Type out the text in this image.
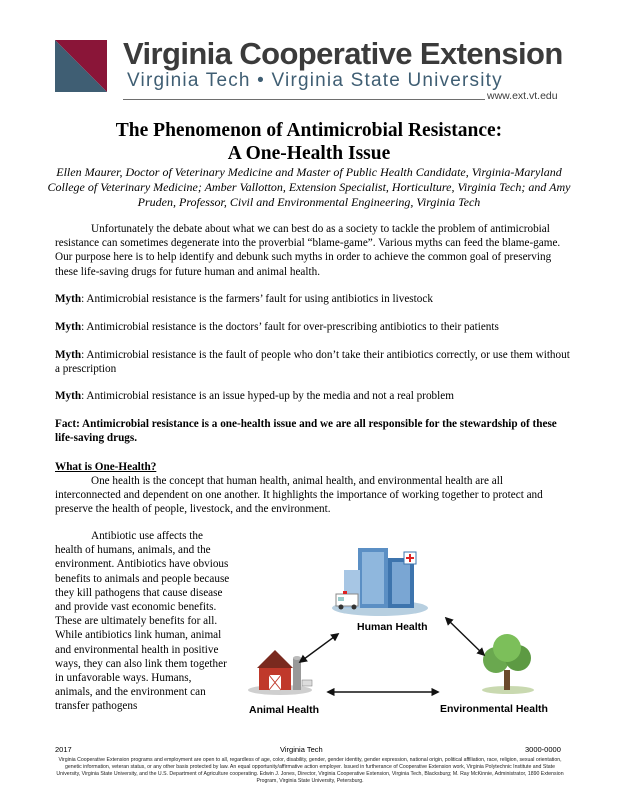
Virginia Cooperative Extension
Virginia Tech • Virginia State University
www.ext.vt.edu
The Phenomenon of Antimicrobial Resistance:
A One-Health Issue
Ellen Maurer, Doctor of Veterinary Medicine and Master of Public Health Candidate, Virginia-Maryland College of Veterinary Medicine; Amber Vallotton, Extension Specialist, Horticulture, Virginia Tech; and Amy Pruden, Professor, Civil and Environmental Engineering, Virginia Tech
Unfortunately the debate about what we can best do as a society to tackle the problem of antimicrobial resistance can sometimes degenerate into the proverbial “blame-game”. Various myths can feed the blame-game. Our purpose here is to help identify and debunk such myths in order to achieve the common goal of preserving these life-saving drugs for future human and animal health.
Myth: Antimicrobial resistance is the farmers’ fault for using antibiotics in livestock
Myth: Antimicrobial resistance is the doctors’ fault for over-prescribing antibiotics to their patients
Myth: Antimicrobial resistance is the fault of people who don’t take their antibiotics correctly, or use them without a prescription
Myth: Antimicrobial resistance is an issue hyped-up by the media and not a real problem
Fact: Antimicrobial resistance is a one-health issue and we are all responsible for the stewardship of these life-saving drugs.
What is One-Health?
One health is the concept that human health, animal health, and environmental health are all interconnected and dependent on one another. It highlights the importance of working together to protect and preserve the health of people, livestock, and the environment.

Antibiotic use affects the health of humans, animals, and the environment. Antibiotics have obvious benefits to animals and people because they kill pathogens that cause disease and provide vast economic benefits. These are ultimately benefits for all.

While antibiotics link human, animal and environmental health in positive ways, they can also link them together in unfavorable ways. Humans, animals, and the environment can transfer pathogens

Human Health
Animal Health	Environmental Health
2017	Virginia Tech	3000-0000
Virginia Cooperative Extension programs and employment are open to all, regardless of age, color, disability, gender, gender identity, gender expression, national origin, political affiliation, race, religion, sexual orientation, genetic information, veteran status, or any other basis protected by law. An equal opportunity/affirmative action employer. Issued in furtherance of Cooperative Extension work, Virginia Polytechnic Institute and State University, Virginia State University, and the U.S. Department of Agriculture cooperating. Edwin J. Jones, Director, Virginia Cooperative Extension, Virginia Tech, Blacksburg; M. Ray McKinnie, Administrator, 1890 Extension Program, Virginia State University, Petersburg.
